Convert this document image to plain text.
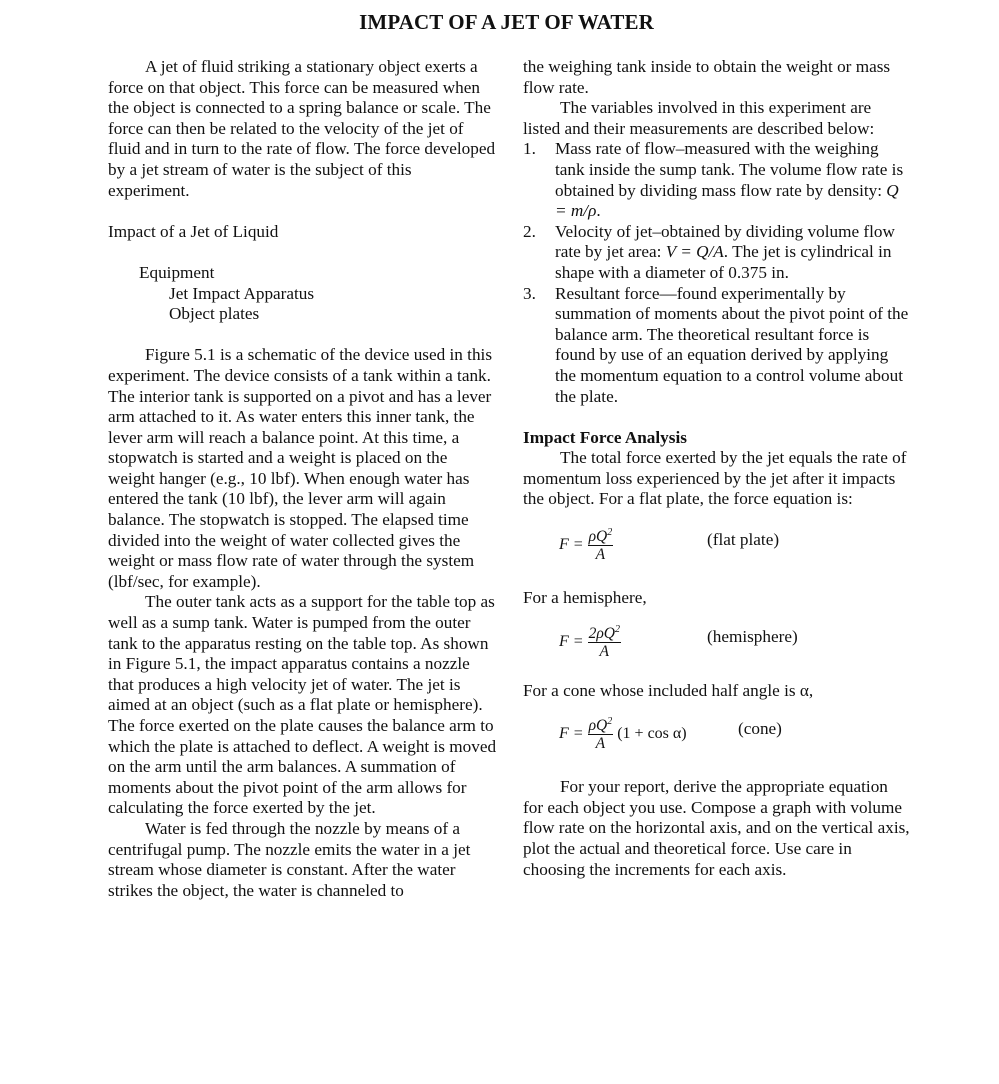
IMPACT OF A JET OF WATER

A jet of fluid striking a stationary object exerts a force on that object. This force can be measured when the object is connected to a spring balance or scale. The force can then be related to the velocity of the jet of fluid and in turn to the rate of flow. The force developed by a jet stream of water is the subject of this experiment.

Impact of a Jet of Liquid

Equipment

Jet Impact Apparatus

Object plates

Figure 5.1 is a schematic of the device used in this experiment. The device consists of a tank within a tank. The interior tank is supported on a pivot and has a lever arm attached to it. As water enters this inner tank, the lever arm will reach a balance point. At this time, a stopwatch is started and a weight is placed on the weight hanger (e.g., 10 lbf). When enough water has entered the tank (10 lbf), the lever arm will again balance. The stopwatch is stopped. The elapsed time divided into the weight of water collected gives the weight or mass flow rate of water through the system (lbf/sec, for example).

The outer tank acts as a support for the table top as well as a sump tank. Water is pumped from the outer tank to the apparatus resting on the table top. As shown in Figure 5.1, the impact apparatus contains a nozzle that produces a high velocity jet of water. The jet is aimed at an object (such as a flat plate or hemisphere). The force exerted on the plate causes the balance arm to which the plate is attached to deflect. A weight is moved on the arm until the arm balances. A summation of moments about the pivot point of the arm allows for calculating the force exerted by the jet.

Water is fed through the nozzle by means of a centrifugal pump. The nozzle emits the water in a jet stream whose diameter is constant. After the water strikes the object, the water is channeled to

the weighing tank inside to obtain the weight or mass flow rate.

The variables involved in this experiment are listed and their measurements are described below:

1. Mass rate of flow–measured with the weighing tank inside the sump tank. The volume flow rate is obtained by dividing mass flow rate by density: Q = m/ρ.
2. Velocity of jet–obtained by dividing volume flow rate by jet area: V = Q/A. The jet is cylindrical in shape with a diameter of 0.375 in.
3. Resultant force—found experimentally by summation of moments about the pivot point of the balance arm. The theoretical resultant force is found by use of an equation derived by applying the momentum equation to a control volume about the plate.

Impact Force Analysis

The total force exerted by the jet equals the rate of momentum loss experienced by the jet after it impacts the object. For a flat plate, the force equation is:

$F = \frac{\rho Q^2}{A}$	(flat plate)

For a hemisphere,

$F = \frac{2\rho Q^2}{A}$	(hemisphere)

For a cone whose included half angle is α,

$F = \frac{\rho Q^2}{A} (1 + \cos \alpha)$	(cone)

For your report, derive the appropriate equation for each object you use. Compose a graph with volume flow rate on the horizontal axis, and on the vertical axis, plot the actual and theoretical force. Use care in choosing the increments for each axis.
